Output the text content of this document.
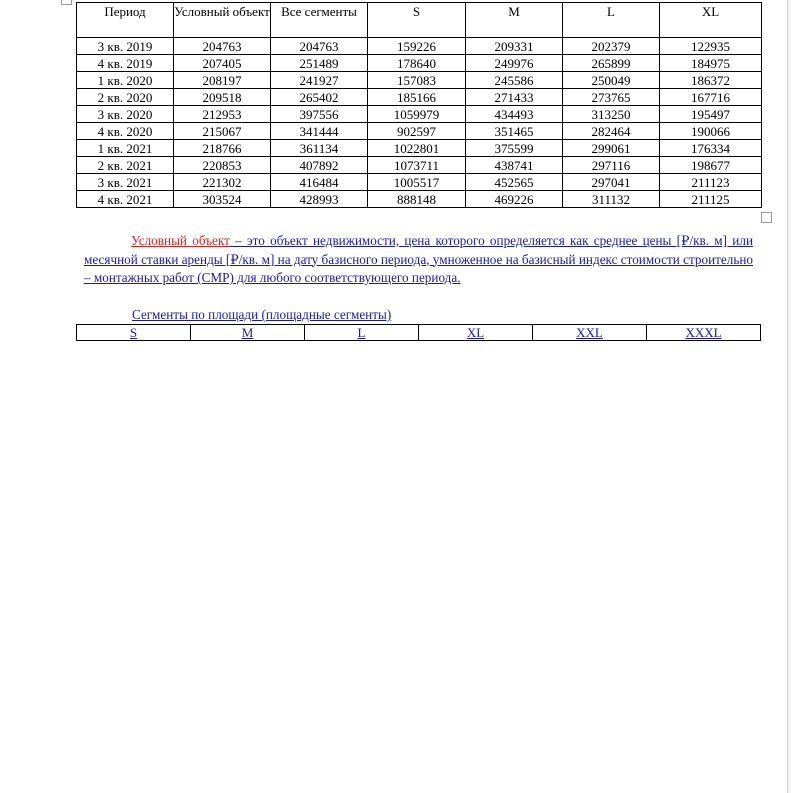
Период	Условный объект	Все сегменты	S	M	L	XL
3 кв. 2019	204763	204763	159226	209331	202379	122935
4 кв. 2019	207405	251489	178640	249976	265899	184975
1 кв. 2020	208197	241927	157083	245586	250049	186372
2 кв. 2020	209518	265402	185166	271433	273765	167716
3 кв. 2020	212953	397556	1059979	434493	313250	195497
4 кв. 2020	215067	341444	902597	351465	282464	190066
1 кв. 2021	218766	361134	1022801	375599	299061	176334
2 кв. 2021	220853	407892	1073711	438741	297116	198677
3 кв. 2021	221302	416484	1005517	452565	297041	211123
4 кв. 2021	303524	428993	888148	469226	311132	211125

Условный объект – это объект недвижимости, цена которого определяется как среднее цены [₽/кв. м] или месячной ставки аренды [₽/кв. м] на дату базисного периода, умноженное на базисный индекс стоимости строительно – монтажных работ (СМР) для любого соответствующего периода.

Сегменты по площади (площадные сегменты)

S	M	L	XL	XXL	XXXL
